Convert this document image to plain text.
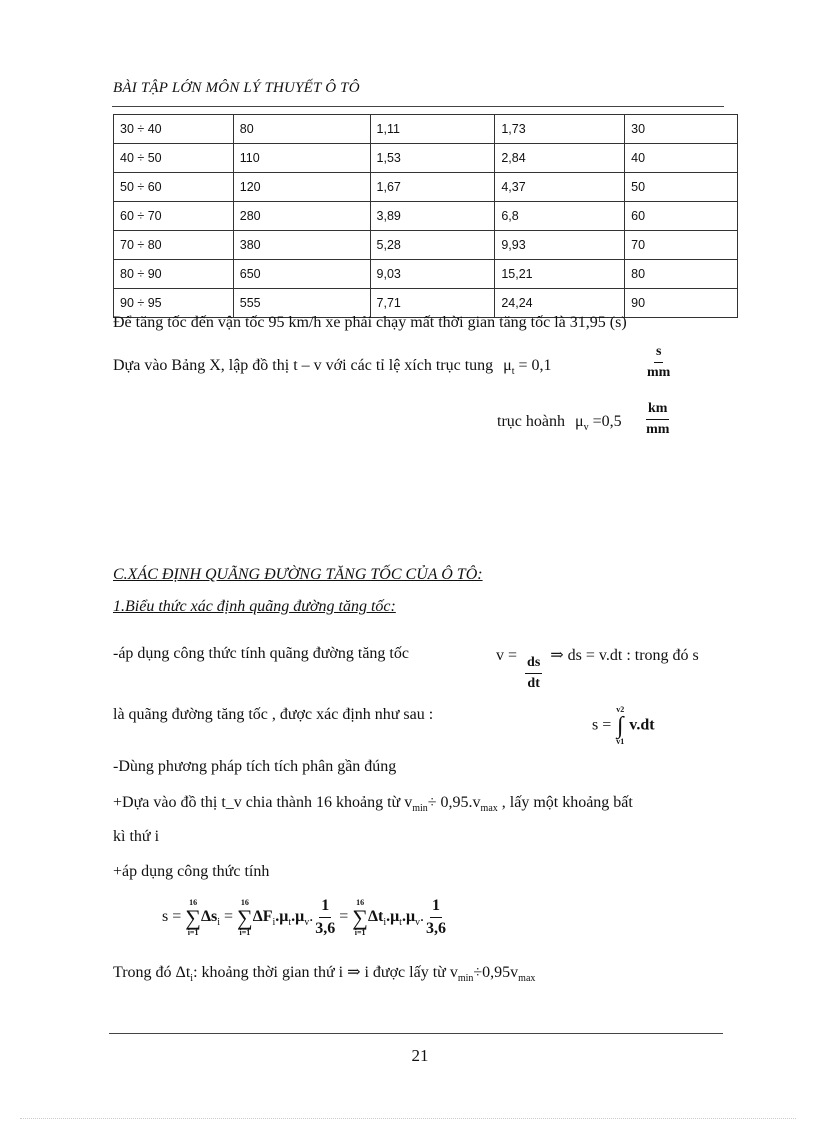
BÀI TẬP LỚN MÔN LÝ THUYẾT Ô TÔ
30 ÷ 40	80	1,11	1,73	30
40 ÷ 50	110	1,53	2,84	40
50 ÷ 60	120	1,67	4,37	50
60 ÷ 70	280	3,89	6,8	60
70 ÷ 80	380	5,28	9,93	70
80 ÷ 90	650	9,03	15,21	80
90 ÷ 95	555	7,71	24,24	90
Để tăng tốc đến vận tốc 95 km/h xe phải chạy mất thời gian tăng tốc là 31,95 (s)
Dựa vào Bảng X, lập đồ thị t – v với các tỉ lệ xích trục tung $\mu_t = 0,1$	$\frac{s}{mm}$
trục hoành $\mu_v =0,5 \frac{km}{mm}$
C.XÁC ĐỊNH QUÃNG ĐƯỜNG TĂNG TỐC CỦA Ô TÔ:
1.Biểu thức xác định quãng đường tăng tốc:
-áp dụng công thức tính quãng đường tăng tốc	v =
$\frac{ds}{dt}$
⇒ ds = v.dt : trong đó s
là quãng đường tăng tốc , được xác định như sau :
s =
v2
∫
v1
v.dt
-Dùng phương pháp tích tích phân gần đúng
+Dựa vào đồ thị t_v chia thành 16 khoảng từ $v_{min}\div 0,95.v_{max}$ , lấy một khoảng bất
kì thứ i
+áp dụng công thức tính
s =
16
∑
i=1
$\Delta s_i$ =
16
∑
i=1
$\Delta F_i.\mu_t.\mu_v$. $\frac{1}{3,6}$ =
16
∑
i=1
$\Delta t_i.\mu_t.\mu_v$. $\frac{1}{3,6}$
Trong đó $\Delta t_i$: khoảng thời gian thứ i ⇒ i được lấy từ $v_{min}\div 0,95v_{max}$
21
